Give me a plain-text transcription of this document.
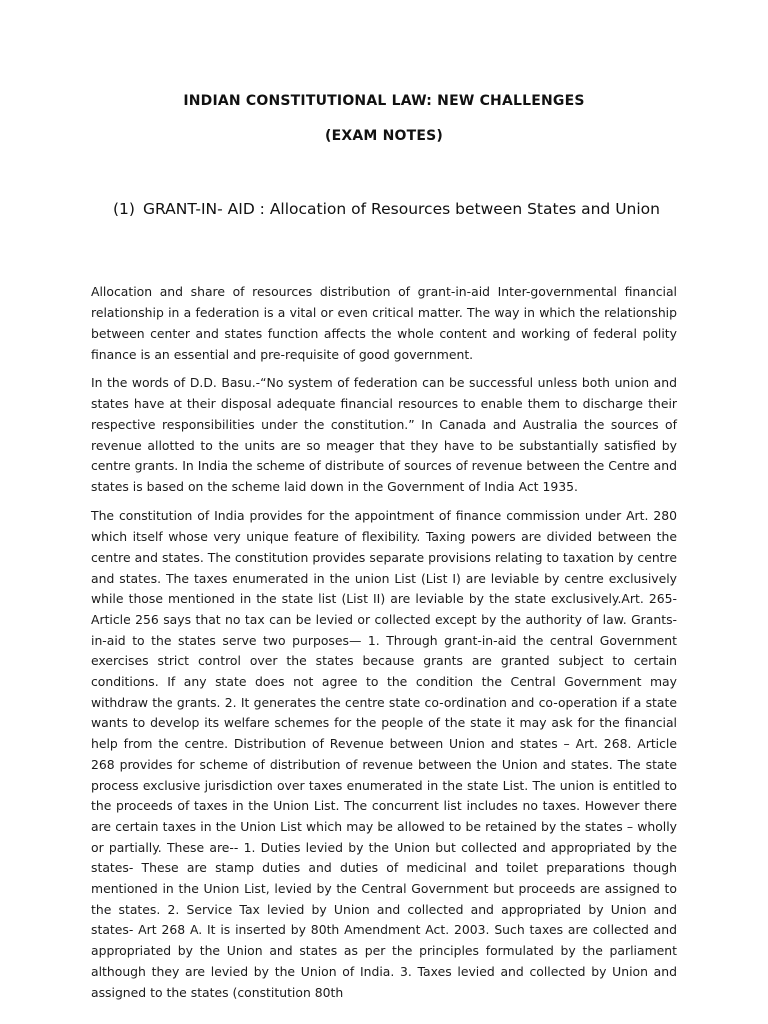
INDIAN CONSTITUTIONAL LAW: NEW CHALLENGES
(EXAM NOTES)
(1) GRANT-IN- AID : Allocation of Resources between States and Union

Allocation and share of resources distribution of grant-in-aid Inter-governmental financial relationship in a federation is a vital or even critical matter. The way in which the relationship between center and states function affects the whole content and working of federal polity finance is an essential and pre-requisite of good government.

In the words of D.D. Basu.-“No system of federation can be successful unless both union and states have at their disposal adequate financial resources to enable them to discharge their respective responsibilities under the constitution.” In Canada and Australia the sources of revenue allotted to the units are so meager that they have to be substantially satisfied by centre grants. In India the scheme of distribute of sources of revenue between the Centre and states is based on the scheme laid down in the Government of India Act 1935.

The constitution of India provides for the appointment of finance commission under Art. 280 which itself whose very unique feature of flexibility. Taxing powers are divided between the centre and states. The constitution provides separate provisions relating to taxation by centre and states. The taxes enumerated in the union List (List I) are leviable by centre exclusively while those mentioned in the state list (List II) are leviable by the state exclusively.Art. 265- Article 256 says that no tax can be levied or collected except by the authority of law. Grants-in-aid to the states serve two purposes— 1. Through grant-in-aid the central Government exercises strict control over the states because grants are granted subject to certain conditions. If any state does not agree to the condition the Central Government may withdraw the grants. 2. It generates the centre state co-ordination and co-operation if a state wants to develop its welfare schemes for the people of the state it may ask for the financial help from the centre. Distribution of Revenue between Union and states – Art. 268. Article 268 provides for scheme of distribution of revenue between the Union and states. The state process exclusive jurisdiction over taxes enumerated in the state List. The union is entitled to the proceeds of taxes in the Union List. The concurrent list includes no taxes. However there are certain taxes in the Union List which may be allowed to be retained by the states – wholly or partially. These are-- 1. Duties levied by the Union but collected and appropriated by the states- These are stamp duties and duties of medicinal and toilet preparations though mentioned in the Union List, levied by the Central Government but proceeds are assigned to the states. 2. Service Tax levied by Union and collected and appropriated by Union and states- Art 268 A. It is inserted by 80th Amendment Act. 2003. Such taxes are collected and appropriated by the Union and states as per the principles formulated by the parliament although they are levied by the Union of India. 3. Taxes levied and collected by Union and assigned to the states (constitution 80th
